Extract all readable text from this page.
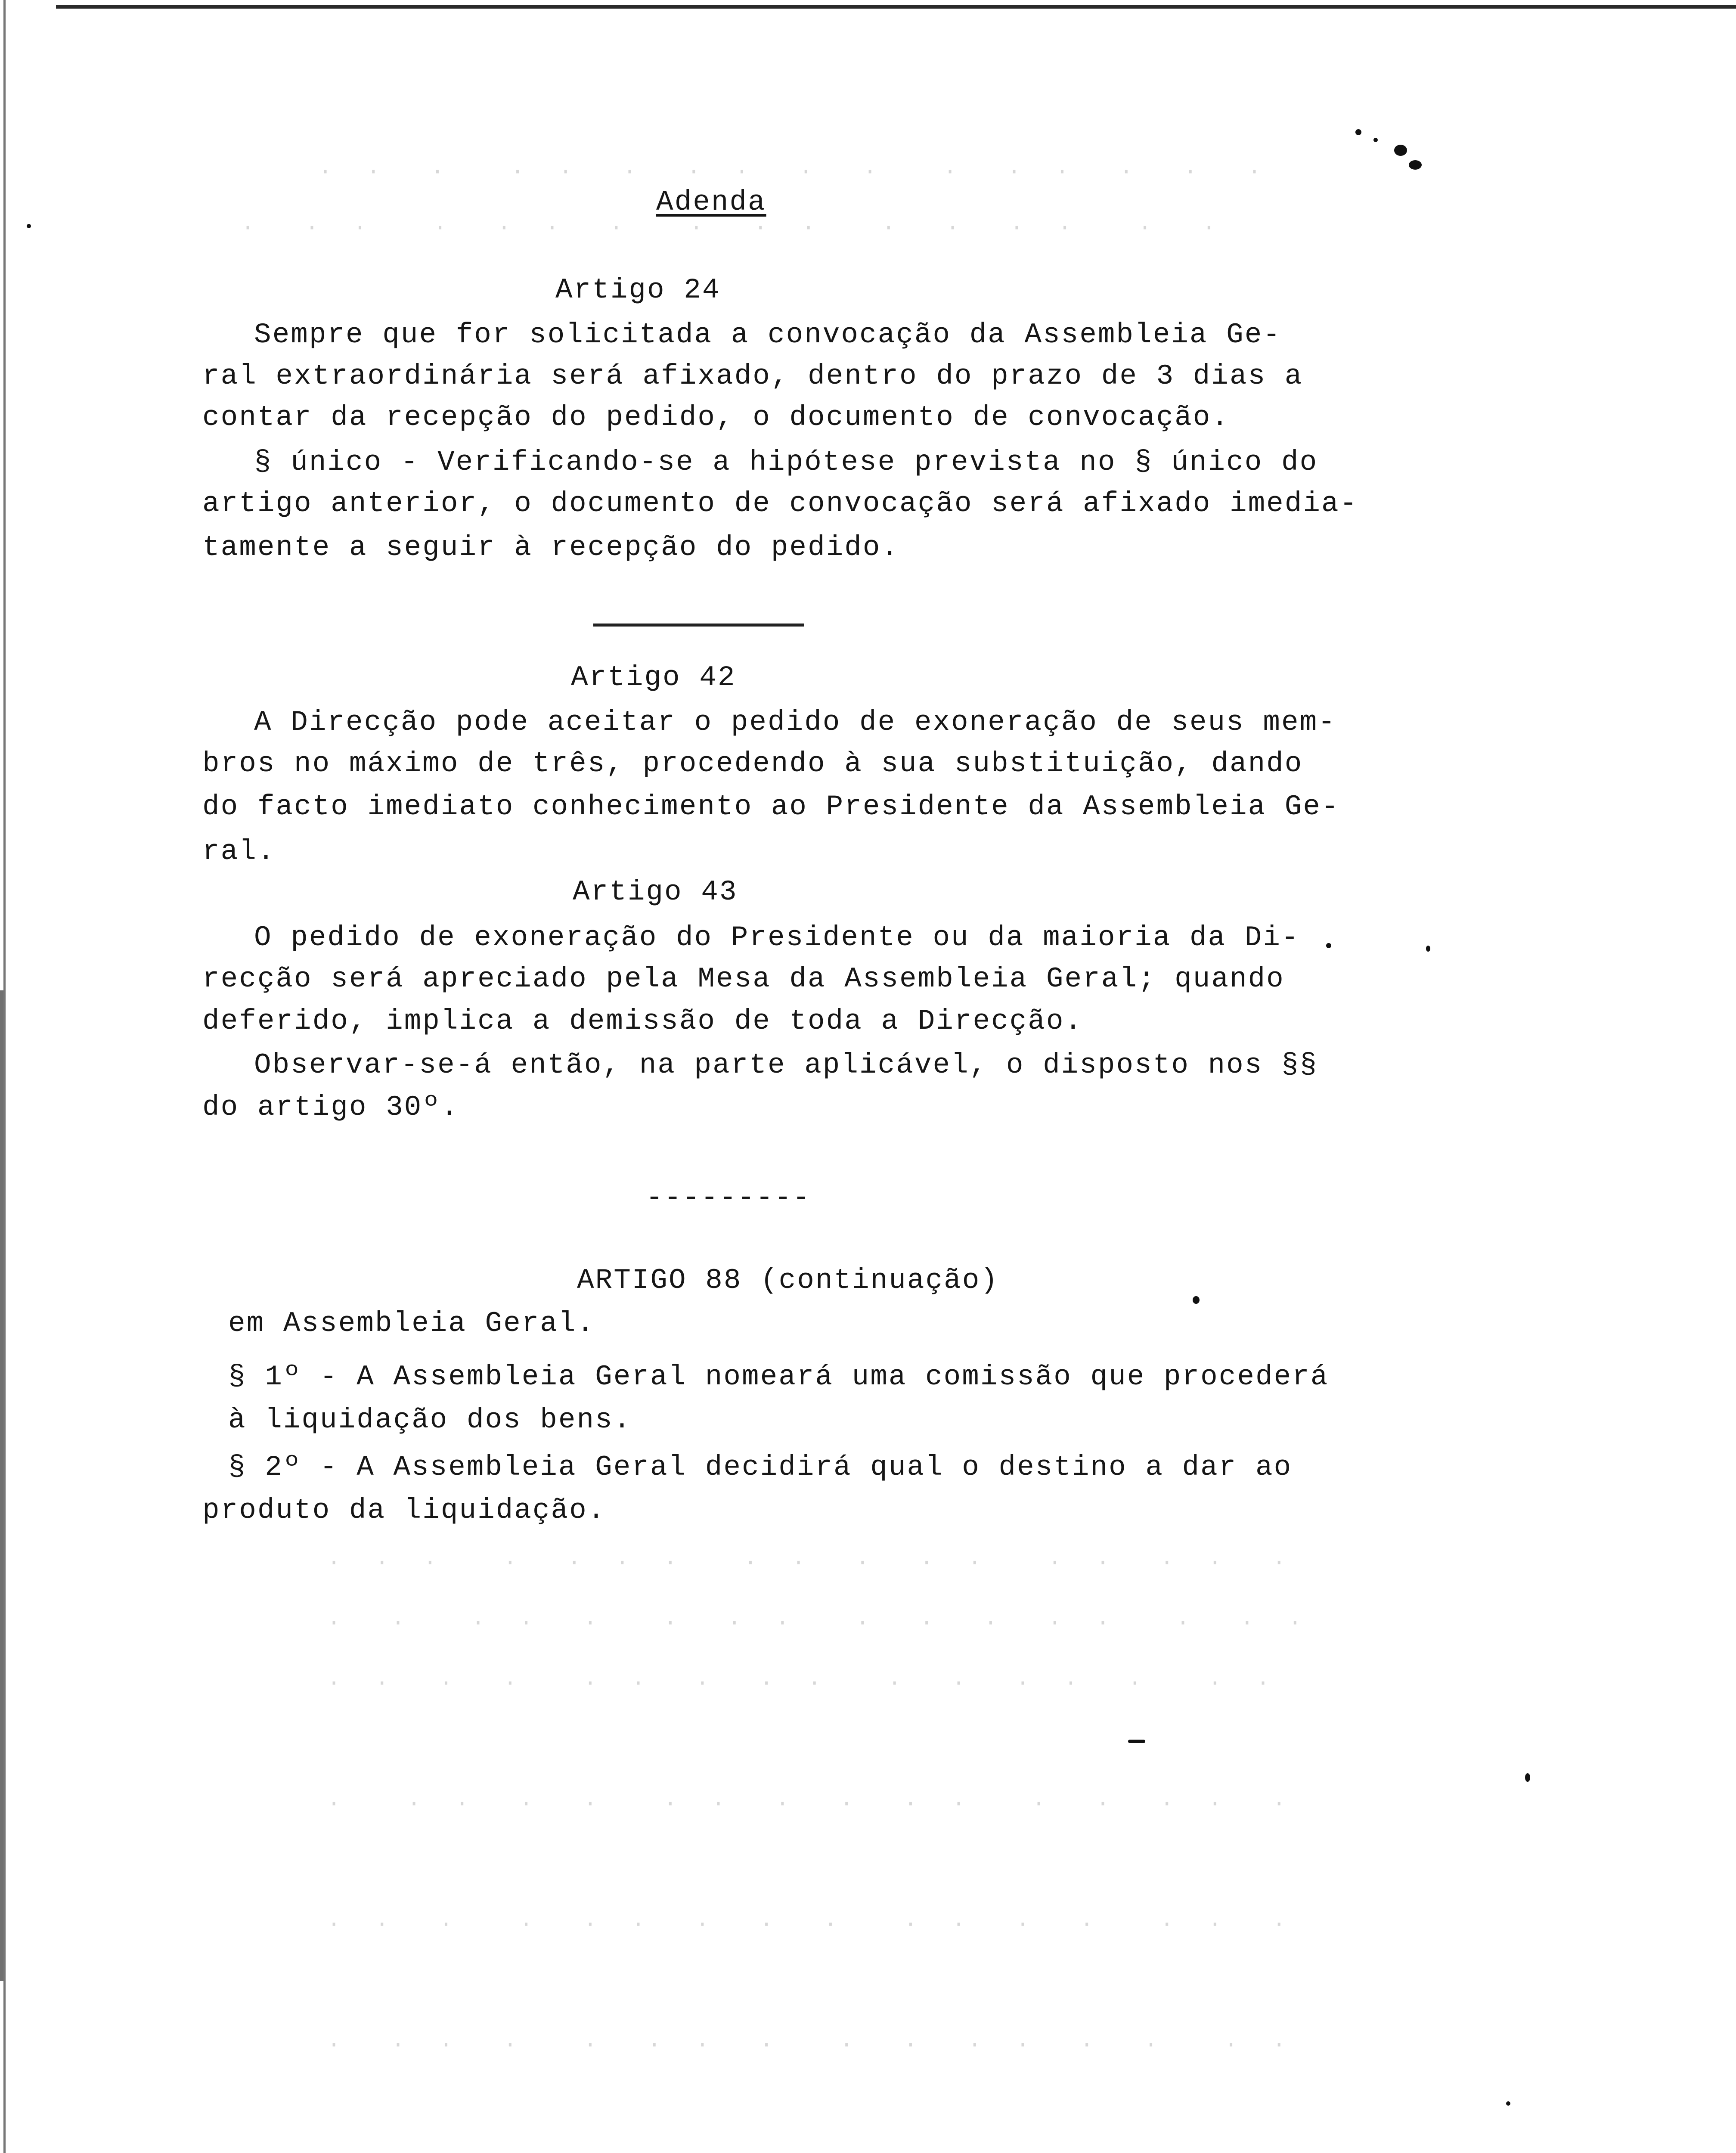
·  ·   ·    ·  ·   ·   ·  ·   ·   ·    ·   ·  ·   ·   ·   ·
·   ·  ·    ·   ·  ·   ·    ·   ·  ·    ·   ·   ·  ·    ·   ·
·  ·  ·    ·   ·  ·  ·    ·  ·   ·   ·  ·    ·  ·   ·  ·   ·
·   ·    ·  ·   ·    ·   ·  ·    ·   ·   ·   ·  ·    ·   ·  ·
·  ·   ·   ·    ·  ·   ·   ·  ·    ·   ·   ·  ·   ·    ·  ·
·    ·  ·   ·   ·    ·  ·   ·   ·   ·  ·    ·   ·   ·  ·   ·
·  ·   ·    ·   ·  ·   ·   ·   ·    ·  ·   ·   ·    ·  ·   ·
·   ·  ·   ·    ·   ·  ·   ·    ·   ·   ·  ·   ·   ·    ·  ·
Adenda
Artigo 24
Sempre que for solicitada a convocação da Assembleia Ge-
ral extraordinária será afixado, dentro do prazo de 3 dias a
contar da recepção do pedido, o documento de convocação.
§ único - Verificando-se a hipótese prevista no § único do
artigo anterior, o documento de convocação será afixado imedia-
tamente a seguir à recepção do pedido.
Artigo 42
A Direcção pode aceitar o pedido de exoneração de seus mem-
bros no máximo de três, procedendo à sua substituição, dando
do facto imediato conhecimento ao Presidente da Assembleia Ge-
ral.
Artigo 43
O pedido de exoneração do Presidente ou da maioria da Di-
recção será apreciado pela Mesa da Assembleia Geral; quando
deferido, implica a demissão de toda a Direcção.
Observar-se-á então, na parte aplicável, o disposto nos §§
do artigo 30º.
---------
ARTIGO 88 (continuação)
em Assembleia Geral.
§ 1º - A Assembleia Geral nomeará uma comissão que procederá
à liquidação dos bens.
§ 2º - A Assembleia Geral decidirá qual o destino a dar ao
produto da liquidação.
